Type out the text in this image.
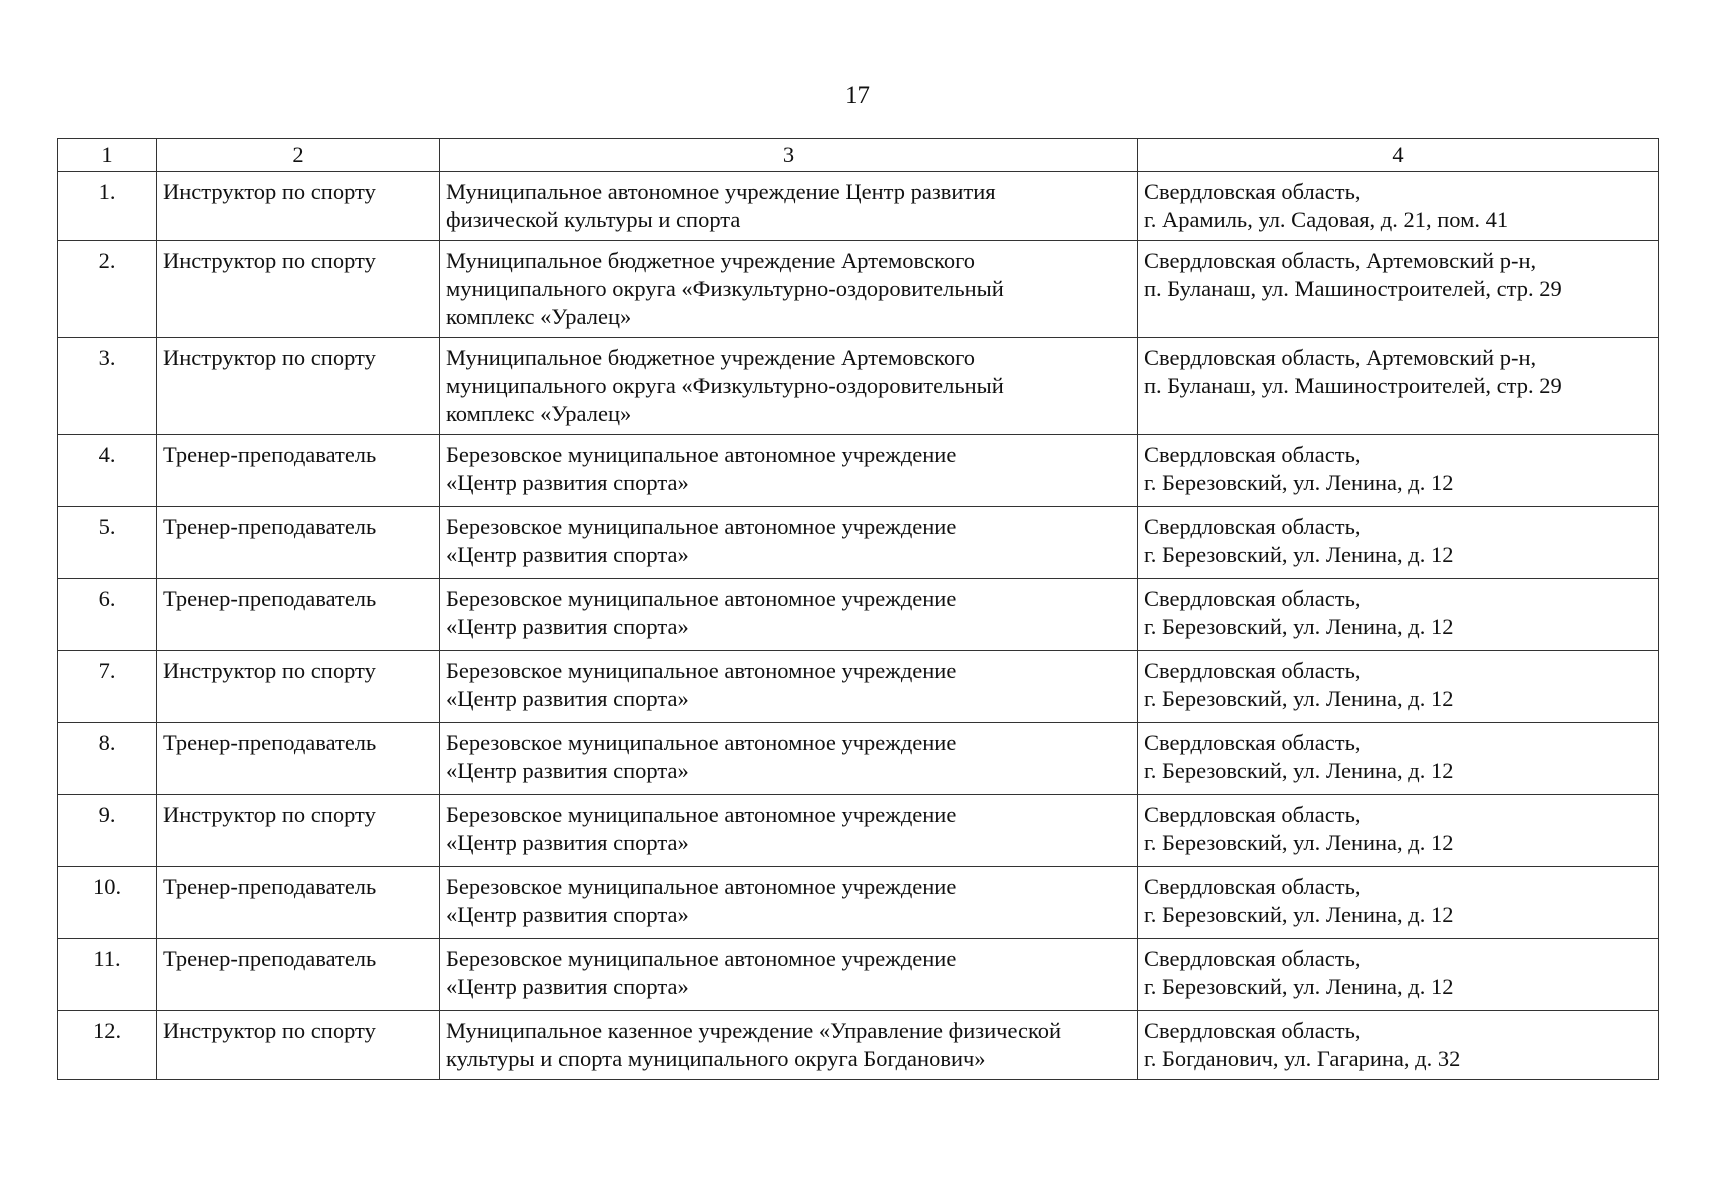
17
1	2	3	4
1.	Инструктор по спорту	Муниципальное автономное учреждение Центр развития
физической культуры и спорта	Свердловская область,
г. Арамиль, ул. Садовая, д. 21, пом. 41

2.	Инструктор по спорту	Муниципальное бюджетное учреждение Артемовского
муниципального округа «Физкультурно-оздоровительный
комплекс «Уралец»	Свердловская область, Артемовский р-н,
п. Буланаш, ул. Машиностроителей, стр. 29

3.	Инструктор по спорту	Муниципальное бюджетное учреждение Артемовского
муниципального округа «Физкультурно-оздоровительный
комплекс «Уралец»	Свердловская область, Артемовский р-н,
п. Буланаш, ул. Машиностроителей, стр. 29

4.	Тренер-преподаватель	Березовское муниципальное автономное учреждение
«Центр развития спорта»	Свердловская область,
г. Березовский, ул. Ленина, д. 12

5.	Тренер-преподаватель	Березовское муниципальное автономное учреждение
«Центр развития спорта»	Свердловская область,
г. Березовский, ул. Ленина, д. 12

6.	Тренер-преподаватель	Березовское муниципальное автономное учреждение
«Центр развития спорта»	Свердловская область,
г. Березовский, ул. Ленина, д. 12

7.	Инструктор по спорту	Березовское муниципальное автономное учреждение
«Центр развития спорта»	Свердловская область,
г. Березовский, ул. Ленина, д. 12

8.	Тренер-преподаватель	Березовское муниципальное автономное учреждение
«Центр развития спорта»	Свердловская область,
г. Березовский, ул. Ленина, д. 12

9.	Инструктор по спорту	Березовское муниципальное автономное учреждение
«Центр развития спорта»	Свердловская область,
г. Березовский, ул. Ленина, д. 12

10.	Тренер-преподаватель	Березовское муниципальное автономное учреждение
«Центр развития спорта»	Свердловская область,
г. Березовский, ул. Ленина, д. 12

11.	Тренер-преподаватель	Березовское муниципальное автономное учреждение
«Центр развития спорта»	Свердловская область,
г. Березовский, ул. Ленина, д. 12

12.	Инструктор по спорту	Муниципальное казенное учреждение «Управление физической
культуры и спорта муниципального округа Богданович»	Свердловская область,
г. Богданович, ул. Гагарина, д. 32
